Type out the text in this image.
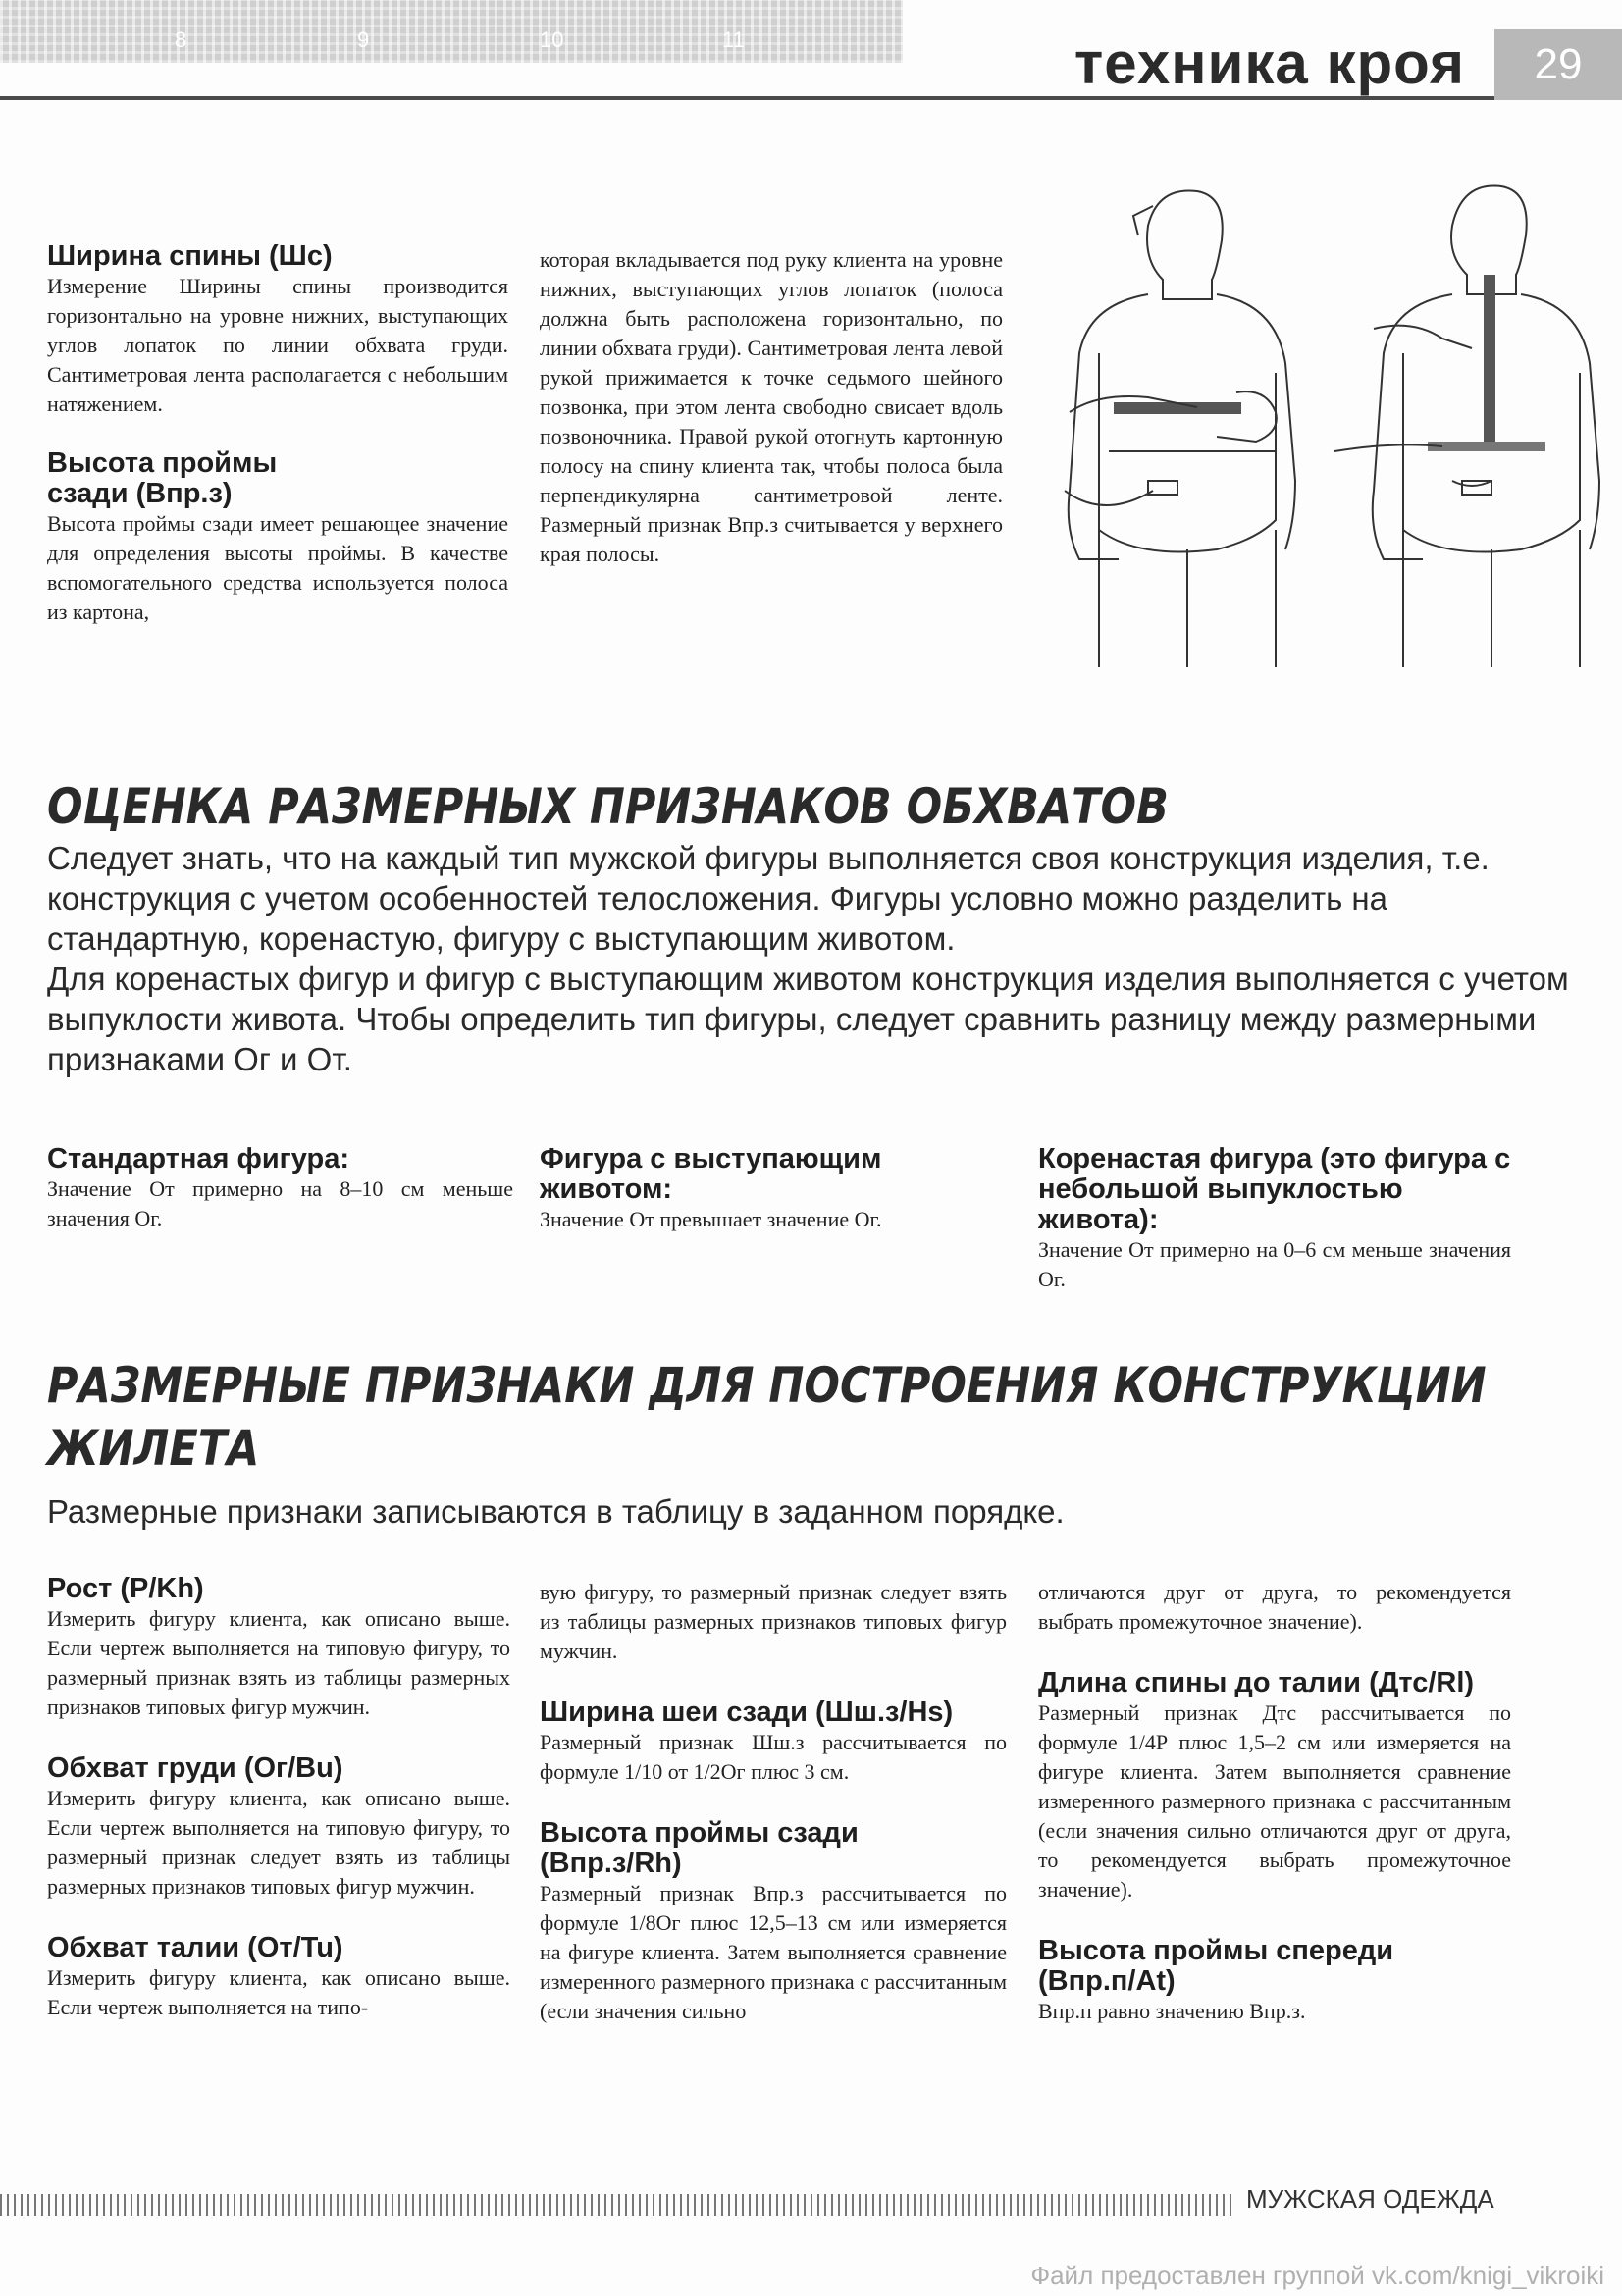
8	9	10	11	техника кроя	29

Ширина спины (Шс)

Измерение Ширины спины производится горизонтально на уровне нижних, выступающих углов лопаток по линии обхвата груди. Сантиметровая лента располагается с небольшим натяжением.

Высота проймы сзади (Впр.з)

Высота проймы сзади имеет решающее значение для определения высоты проймы. В качестве вспомогательного средства используется полоса из картона,

которая вкладывается под руку клиента на уровне нижних, выступающих углов лопаток (полоса должна быть расположена горизонтально, по линии обхвата груди). Сантиметровая лента левой рукой прижимается к точке седьмого шейного позвонка, при этом лента свободно свисает вдоль позвоночника. Правой рукой отогнуть картонную полосу на спину клиента так, чтобы полоса была перпендикулярна сантиметровой ленте. Размерный признак Впр.з считывается у верхнего края полосы.

ОЦЕНКА РАЗМЕРНЫХ ПРИЗНАКОВ ОБХВАТОВ

Следует знать, что на каждый тип мужской фигуры выполняется своя конструкция изделия, т.е. конструкция с учетом особенностей телосложения. Фигуры условно можно разделить на стандартную, коренастую, фигуру с выступающим животом.

Для коренастых фигур и фигур с выступающим животом конструкция изделия выполняется с учетом выпуклости живота. Чтобы определить тип фигуры, следует сравнить разницу между размерными признаками Ог и От.

Стандартная фигура:

Значение От примерно на 8–10 см меньше значения Ог.

Фигура с выступающим животом:

Значение От превышает значение Ог.

Коренастая фигура (это фигура с небольшой выпуклостью живота):

Значение От примерно на 0–6 см меньше значения Ог.

РАЗМЕРНЫЕ ПРИЗНАКИ ДЛЯ ПОСТРОЕНИЯ КОНСТРУКЦИИ
ЖИЛЕТА

Размерные признаки записываются в таблицу в заданном порядке.

Рост (Р/Kh)

Измерить фигуру клиента, как описано выше. Если чертеж выполняется на типовую фигуру, то размерный признак взять из таблицы размерных признаков типовых фигур мужчин.

Обхват груди (Ог/Bu)

Измерить фигуру клиента, как описано выше. Если чертеж выполняется на типовую фигуру, то размерный признак следует взять из таблицы размерных признаков типовых фигур мужчин.

Обхват талии (От/Tu)

Измерить фигуру клиента, как описано выше. Если чертеж выполняется на типо-

вую фигуру, то размерный признак следует взять из таблицы размерных признаков типовых фигур мужчин.

Ширина шеи сзади (Шш.з/Hs)

Размерный признак Шш.з рассчитывается по формуле 1/10 от 1/2Ог плюс 3 см.

Высота проймы сзади (Впр.з/Rh)

Размерный признак Впр.з рассчитывается по формуле 1/8Ог плюс 12,5–13 см или измеряется на фигуре клиента. Затем выполняется сравнение измеренного размерного признака с рассчитанным (если значения сильно

отличаются друг от друга, то рекомендуется выбрать промежуточное значение).

Длина спины до талии (Дтс/Rl)

Размерный признак Дтс рассчитывается по формуле 1/4Р плюс 1,5–2 см или измеряется на фигуре клиента. Затем выполняется сравнение измеренного размерного признака с рассчитанным (если значения сильно отличаются друг от друга, то рекомендуется выбрать промежуточное значение).

Высота проймы спереди (Впр.п/At)

Впр.п равно значению Впр.з.

МУЖСКАЯ ОДЕЖДА
Файл предоставлен группой vk.com/knigi_vikroiki
